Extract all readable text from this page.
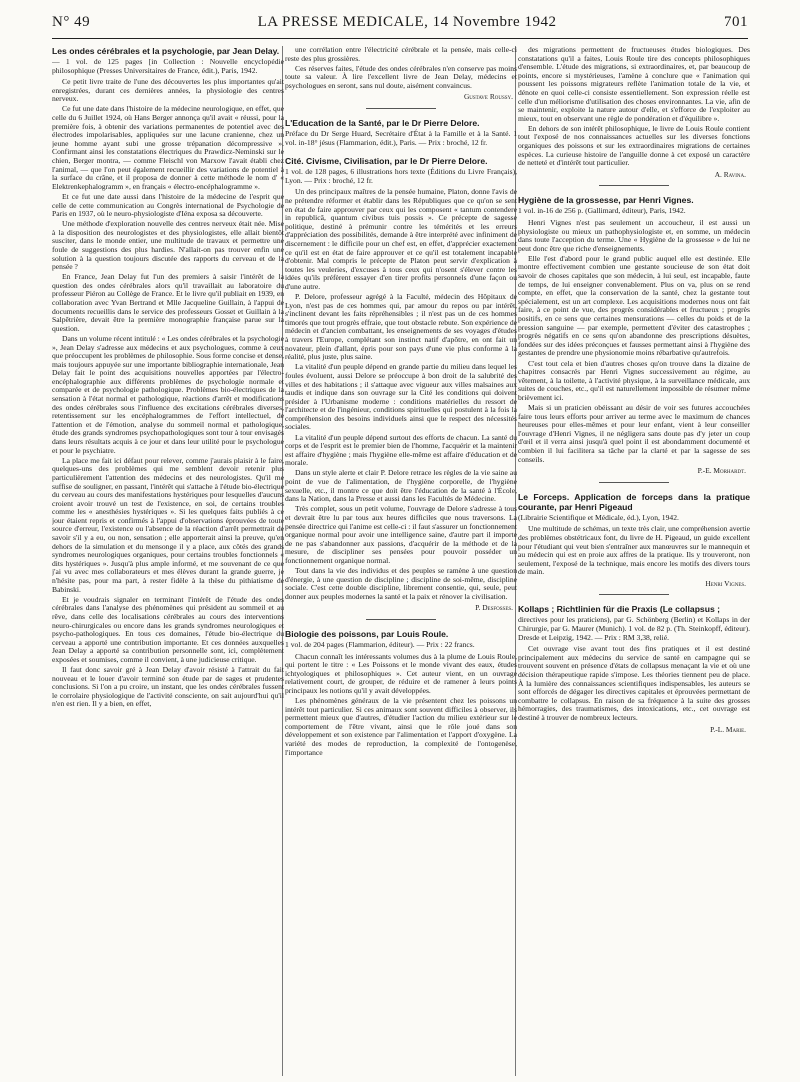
N° 49	LA PRESSE MEDICALE, 14 Novembre 1942	701

Les ondes cérébrales et la psychologie, par Jean Delay.

— 1 vol. de 125 pages [in Collection : Nouvelle encyclopédie philosophique (Presses Universitaires de France, édit.), Paris, 1942.

Ce petit livre traite de l'une des découvertes les plus importantes qu'ait enregistrées, durant ces dernières années, la physiologie des centres nerveux.

Ce fut une date dans l'histoire de la médecine neurologique, en effet, que celle du 6 Juillet 1924, où Hans Berger annonça qu'il avait « réussi, pour la première fois, à obtenir des variations permanentes de potentiel avec des électrodes impolarisables, appliquées sur une lacune cranienne, chez un jeune homme ayant subi une grosse trépanation décompressive ». Confirmant ainsi les constatations électriques du Prawdicz-Neminski sur le chien, Berger montra, — comme Fleischl von Marxow l'avait établi chez l'animal, — que l'on peut également recueillir des variations de potentiel à la surface du crâne, et il proposa de donner à cette méthode le nom d' « Elektrenkephalogramm », en français « électro-encéphalogramme ».

Et ce fut une date aussi dans l'histoire de la médecine de l'esprit que celle de cette communication au Congrès international de Psychologie de Paris en 1937, où le neuro-physiologiste d'Iéna exposa sa découverte.

Une méthode d'exploration nouvelle des centres nerveux était née. Mise à la disposition des neurologistes et des physiologistes, elle allait bientôt susciter, dans le monde entier, une multitude de travaux et permettre une foule de suggestions des plus hardies. N'allait-on pas trouver enfin une solution à la question toujours discutée des rapports du cerveau et de la pensée ?

En France, Jean Delay fut l'un des premiers à saisir l'intérêt de la question des ondes cérébrales alors qu'il travaillait au laboratoire du professeur Piéron au Collège de France. Et le livre qu'il publiait en 1939, en collaboration avec Yvan Bertrand et Mlle Jacqueline Guillain, à l'appui de documents recueillis dans le service des professeurs Gosset et Guillain à la Salpêtrière, devait être la première monographie française parue sur la question.

Dans un volume récent intitulé : « Les ondes cérébrales et la psychologie », Jean Delay s'adresse aux médecins et aux psychologues, comme à ceux que préoccupent les problèmes de philosophie. Sous forme concise et dense, mais toujours appuyée sur une importante bibliographie internationale, Jean Delay fait le point des acquisitions nouvelles apportées par l'électro-encéphalographie aux différents problèmes de psychologie normale et comparée et de psychologie pathologique. Problèmes bio-électriques de la sensation à l'état normal et pathologique, réactions d'arrêt et modifications des ondes cérébrales sous l'influence des excitations cérébrales diverses, retentissement sur les encéphalogrammes de l'effort intellectuel, de l'attention et de l'émotion, analyse du sommeil normal et pathologique, étude des grands syndromes psychopathologiques sont tour à tour envisagés dans leurs résultats acquis à ce jour et dans leur utilité pour le psychologue et pour le psychiatre.

La place me fait ici défaut pour relever, comme j'aurais plaisir à le faire, quelques-uns des problèmes qui me semblent devoir retenir plus particulièrement l'attention des médecins et des neurologistes. Qu'il me suffise de souligner, en passant, l'intérêt qui s'attache à l'étude bio-électrique du cerveau au cours des manifestations hystériques pour lesquelles d'aucuns croient avoir trouvé un test de l'existence, en soi, de certains troubles comme les « anesthésies hystériques ». Si les quelques faits publiés à ce jour étaient repris et confirmés à l'appui d'observations éprouvées de toute source d'erreur, l'existence ou l'absence de la réaction d'arrêt permettrait de savoir s'il y a eu, ou non, sensation ; elle apporterait ainsi la preuve, qu'en dehors de la simulation et du mensonge il y a place, aux côtés des grands syndromes neurologiques organiques, pour certains troubles fonctionnels « dits hystériques ». Jusqu'à plus ample informé, et me souvenant de ce que j'ai vu avec mes collaborateurs et mes élèves durant la grande guerre, je n'hésite pas, pour ma part, à rester fidèle à la thèse du pithiatisme de Babinski.

Et je voudrais signaler en terminant l'intérêt de l'étude des ondes cérébrales dans l'analyse des phénomènes qui président au sommeil et au rêve, dans celle des localisations cérébrales au cours des interventions neuro-chirurgicales ou encore dans les grands syndromes neurologiques et psycho-pathologiques. En tous ces domaines, l'étude bio-électrique du cerveau a apporté une contribution importante. Et ces données auxquelles Jean Delay a apporté sa contribution personnelle sont, ici, complètement exposées et soumises, comme il convient, à une judicieuse critique.

Il faut donc savoir gré à Jean Delay d'avoir résisté à l'attrait du fait nouveau et le louer d'avoir terminé son étude par de sages et prudentes conclusions. Si l'on a pu croire, un instant, que les ondes cérébrales fussent le corrolaire physiologique de l'activité consciente, on sait aujourd'hui qu'il n'en est rien. Il y a bien, en effet,

une corrélation entre l'électricité cérébrale et la pensée, mais celle-ci reste des plus grossières.

Ces réserves faites, l'étude des ondes cérébrales n'en conserve pas moins toute sa valeur. À lire l'excellent livre de Jean Delay, médecins et psychologues en seront, sans nul doute, aisément convaincus.

Gustave Roussy.

L'Education de la Santé, par le Dr Pierre Delore.

Préface du Dr Serge Huard, Secrétaire d'État à la Famille et à la Santé. 1 vol. in-18° jésus (Flammarion, édit.), Paris. — Prix : broché, 12 fr.

Cité. Civisme, Civilisation, par le Dr Pierre Delore.

1 vol. de 128 pages, 6 illustrations hors texte (Éditions du Livre Français), Lyon. — Prix : broché, 12 fr.

Un des principaux maîtres de la pensée humaine, Platon, donne l'avis de ne prétendre réformer et établir dans les Républiques que ce qu'on se sent en état de faire approuver par ceux qui les composent « tantum contendere in republicâ, quantum civibus tuis possis ». Ce précepte de sagesse politique, destiné à prémunir contre les témérités et les erreurs d'appréciation des possibilités, demande à être interprété avec infiniment de discernement : le difficile pour un chef est, en effet, d'apprécier exactement ce qu'il est en état de faire approuver et ce qu'il est totalement incapable d'obtenir. Mal compris le précepte de Platon peut servir d'explication à toutes les veuleries, d'excuses à tous ceux qui n'osent s'élever contre les idées qu'ils préfèrent essayer d'en tirer profits personnels d'une façon ou d'une autre.

P. Delore, professeur agrégé à la Faculté, médecin des Hôpitaux de Lyon, n'est pas de ces hommes qui, par amour du repos ou par intérêt, s'inclinent devant les faits répréhensibles ; il n'est pas un de ces hommes timorés que tout progrès effraie, que tout obstacle rebute. Son expérience de médecin et d'ancien combattant, les enseignements de ses voyages d'études à travers l'Europe, complétant son instinct natif d'apôtre, en ont fait un novateur, plein d'allant, épris pour son pays d'une vie plus conforme à la réalité, plus juste, plus saine.

La vitalité d'un peuple dépend en grande partie du milieu dans lequel les foules évoluent, aussi Delore se préoccupe à bon droit de la salubrité des villes et des habitations ; il s'attaque avec vigueur aux villes malsaines aux taudis et indique dans son ouvrage sur la Cité les conditions qui doivent présider à l'Urbanisme moderne : conditions matérielles du ressort de l'architecte et de l'ingénieur, conditions spirituelles qui postulent à la fois la compréhension des besoins individuels ainsi que le respect des nécessités sociales.

La vitalité d'un peuple dépend surtout des efforts de chacun. La santé du corps et de l'esprit est le premier bien de l'homme, l'acquérir et la maintenir est affaire d'hygiène ; mais l'hygiène elle-même est affaire d'éducation et de morale.

Dans un style alerte et clair P. Delore retrace les règles de la vie saine au point de vue de l'alimentation, de l'hygiène corporelle, de l'hygiène sexuelle, etc., il montre ce que doit être l'éducation de la santé à l'École, dans la Nation, dans la Presse et aussi dans les Facultés de Médecine.

Très complet, sous un petit volume, l'ouvrage de Delore s'adresse à tous et devrait être lu par tous aux heures difficiles que nous traversons. La pensée directrice qui l'anime est celle-ci : il faut s'assurer un fonctionnement organique normal pour avoir une intelligence saine, d'autre part il importe de ne pas s'abandonner aux passions, d'acquérir de la méthode et de la mesure, de discipliner ses pensées pour pouvoir posséder un fonctionnement organique normal.

Tout dans la vie des individus et des peuples se ramène à une question d'énergie, à une question de discipline ; discipline de soi-même, discipline sociale. C'est cette double discipline, librement consentie, qui, seule, peut donner aux peuples modernes la santé et la paix et rénover la civilisation.

P. Desfosses.

Biologie des poissons, par Louis Roule.

1 vol. de 204 pages (Flammarion, éditeur). — Prix : 22 francs.

Chacun connaît les intéressants volumes dus à la plume de Louis Roule, qui portent le titre : « Les Poissons et le monde vivant des eaux, études ichtyologiques et philosophiques ». Cet auteur vient, en un ouvrage relativement court, de grouper, de réduire et de ramener à leurs points principaux les notions qu'il y avait développées.

Les phénomènes généraux de la vie présentent chez les poissons un intérêt tout particulier. Si ces animaux sont souvent difficiles à observer, ils permettent mieux que d'autres, d'étudier l'action du milieu extérieur sur le comportement de l'être vivant, ainsi que le rôle joué dans son développement et son existence par l'alimentation et l'apport d'oxygène. La variété des modes de reproduction, la complexité de l'ontogenèse, l'importance

des migrations permettent de fructueuses études biologiques. Des constatations qu'il a faites, Louis Roule tire des concepts philosophiques d'ensemble. L'étude des migrations, si extraordinaires, et, par beaucoup de points, encore si mystérieuses, l'amène à conclure que « l'animation qui poussent les poissons migrateurs reflète l'animation totale de la vie, et dénote en quoi celle-ci consiste essentiellement. Son expression réelle est celle d'un méliorisme d'utilisation des choses environnantes. La vie, afin de se maintenir, exploite la nature autour d'elle, et s'efforce de l'exploiter au mieux, tout en observant une règle de pondération et d'équilibre ».

En dehors de son intérêt philosophique, le livre de Louis Roule contient tout l'exposé de nos connaissances actuelles sur les diverses fonctions organiques des poissons et sur les extraordinaires migrations de certaines espèces. La curieuse histoire de l'anguille donne à cet exposé un caractère de netteté et d'intérêt tout particulier.

A. Ravina.

Hygiène de la grossesse, par Henri Vignes.

1 vol. in-16 de 256 p. (Gallimard, éditeur), Paris, 1942.

Henri Vignes n'est pas seulement un accoucheur, il est aussi un physiologiste ou mieux un pathophysiologiste et, en somme, un médecin dans toute l'acception du terme. Une « Hygiène de la grossesse » de lui ne peut donc être que riche d'enseignements.

Elle l'est d'abord pour le grand public auquel elle est destinée. Elle montre effectivement combien une gestante soucieuse de son état doit savoir de choses capitales que son médecin, à lui seul, est incapable, faute de temps, de lui enseigner convenablement. Plus on va, plus on se rend compte, en effet, que la conservation de la santé, chez la gestante tout spécialement, est un art complexe. Les acquisitions modernes nous ont fait faire, à ce point de vue, des progrès considérables et fructueux ; progrès positifs, en ce sens que certaines mensurations — celles du poids et de la pression sanguine — par exemple, permettent d'éviter des catastrophes ; progrès négatifs en ce sens qu'on abandonne des prescriptions désuètes, fondées sur des idées préconçues et fausses permettant ainsi à l'hygiène des gestantes de prendre une physionomie moins rébarbative qu'autrefois.

C'est tout cela et bien d'autres choses qu'on trouve dans la dizaine de chapitres consacrés par Henri Vignes successivement au régime, au vêtement, à la toilette, à l'activité physique, à la surveillance médicale, aux suites de couches, etc., qu'il est naturellement impossible de résumer même brièvement ici.

Mais si un praticien obéissant au désir de voir ses futures accouchées faire tous leurs efforts pour arriver au terme avec le maximum de chances heureuses pour elles-mêmes et pour leur enfant, vient à leur conseiller l'ouvrage d'Henri Vignes, il ne négligera sans doute pas d'y jeter un coup d'œil et il verra ainsi jusqu'à quel point il est abondamment documenté et combien il lui facilitera sa tâche par la clarté et par la sagesse de ses conseils.

P.-E. Morhardt.

Le Forceps. Application de forceps dans la pratique courante, par Henri Pigeaud

(Librairie Scientifique et Médicale, éd.), Lyon, 1942.

Une multitude de schémas, un texte très clair, une compréhension avertie des problèmes obstétricaux font, du livre de H. Pigeaud, un guide excellent pour l'étudiant qui veut bien s'entraîner aux manœuvres sur le mannequin et au médecin qui est en proie aux affres de la pratique. Ils y trouveront, non seulement, l'exposé de la technique, mais encore les motifs des divers tours de main.

Henri Vignes.

Kollaps ; Richtlinien für die Praxis (Le collapsus ;

directives pour les praticiens), par G. Schönberg (Berlin) et Kollaps in der Chirurgie, par G. Maurer (Munich). 1 vol. de 82 p. (Th. Steinkopff, éditeur). Dresde et Leipzig, 1942. — Prix : RM 3,38, relié.

Cet ouvrage vise avant tout des fins pratiques et il est destiné principalement aux médecins du service de santé en campagne qui se trouvent souvent en présence d'états de collapsus menaçant la vie et où une décision thérapeutique rapide s'impose. Les théories tiennent peu de place. À la lumière des connaissances scientifiques indispensables, les auteurs se sont efforcés de dégager les directives capitales et éprouvées permettant de combattre le collapsus. En raison de sa fréquence à la suite des grosses hémorragies, des traumatismes, des intoxications, etc., cet ouvrage est destiné à trouver de nombreux lecteurs.

P.-L. Marie.
